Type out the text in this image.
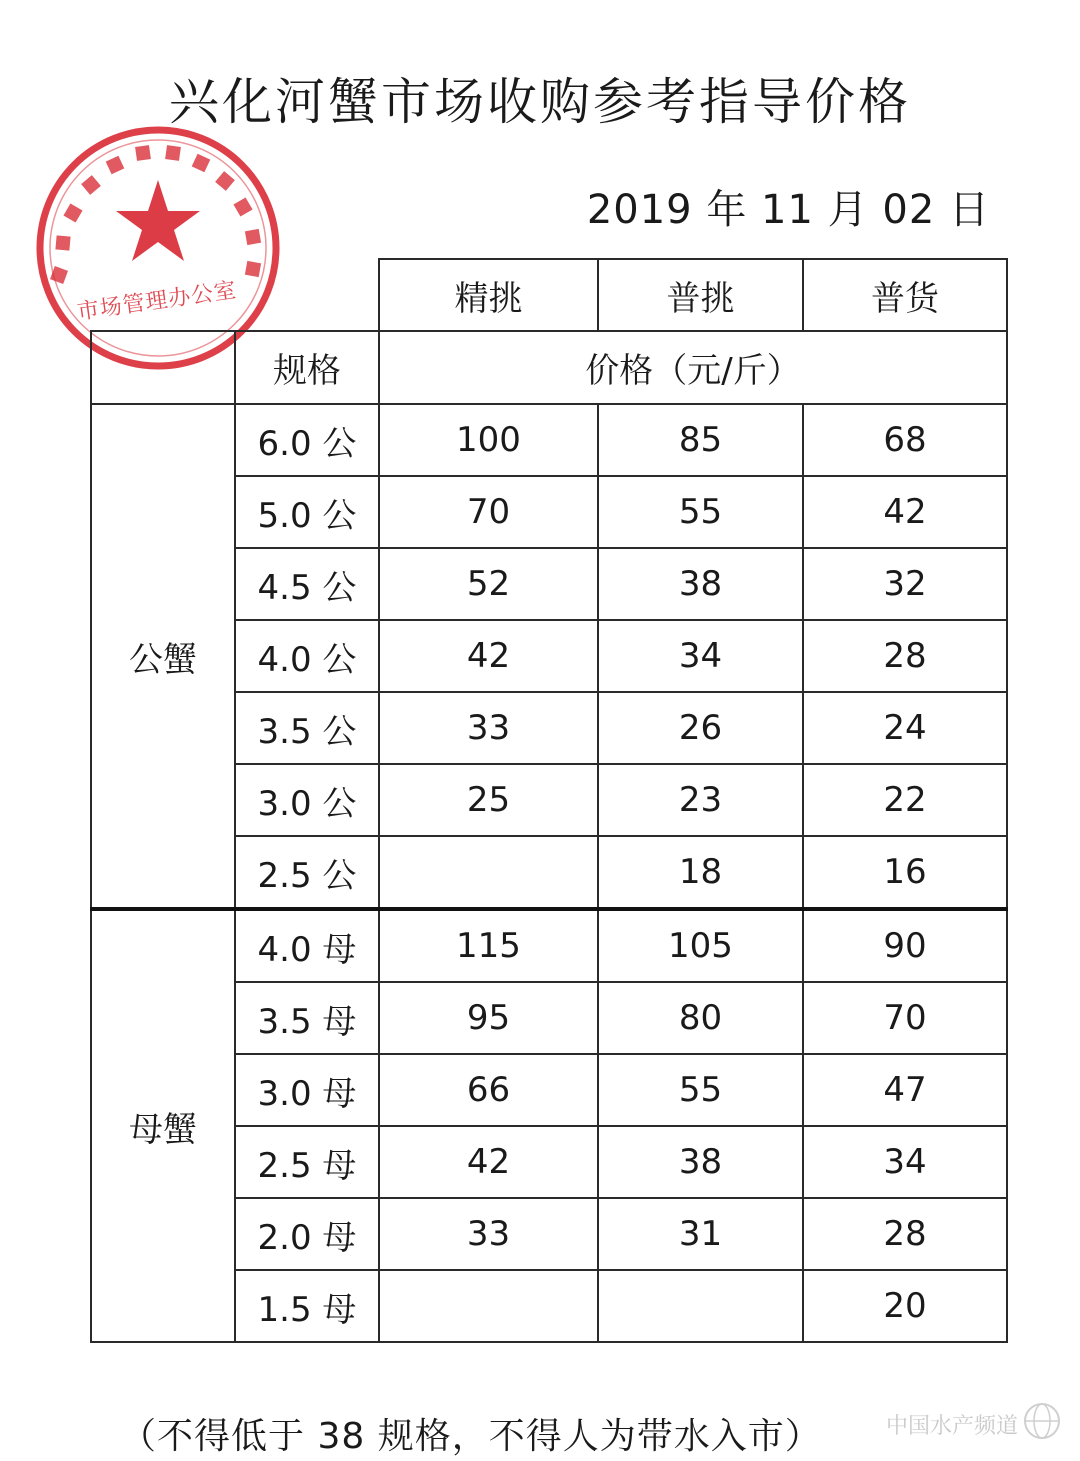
兴化河蟹市场收购参考指导价格
市场管理办公室
2019 年 11 月 02 日
		精挑	普挑	普货
	规格	价格（元/斤）		
公蟹	6.0 公	100	85	68
	5.0 公	70	55	42
	4.5 公	52	38	32
	4.0 公	42	34	28
	3.5 公	33	26	24
	3.0 公	25	23	22
	2.5 公		18	16
母蟹	4.0 母	115	105	90
	3.5 母	95	80	70
	3.0 母	66	55	47
	2.5 母	42	38	34
	2.0 母	33	31	28
	1.5 母			20
（不得低于 38 规格，不得人为带水入市）	中国水产频道
